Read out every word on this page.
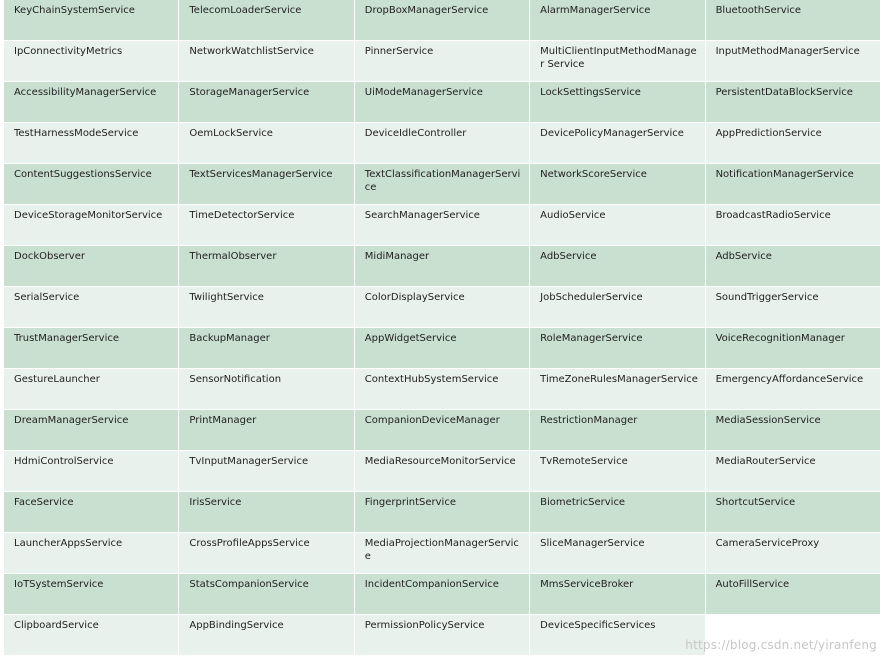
KeyChainSystemService	TelecomLoaderService	DropBoxManagerService	AlarmManagerService	BluetoothService
IpConnectivityMetrics	NetworkWatchlistService	PinnerService	MultiClientInputMethodManager Service	InputMethodManagerService
AccessibilityManagerService	StorageManagerService	UiModeManagerService	LockSettingsService	PersistentDataBlockService
TestHarnessModeService	OemLockService	DeviceIdleController	DevicePolicyManagerService	AppPredictionService
ContentSuggestionsService	TextServicesManagerService	TextClassificationManagerService	NetworkScoreService	NotificationManagerService
DeviceStorageMonitorService	TimeDetectorService	SearchManagerService	AudioService	BroadcastRadioService
DockObserver	ThermalObserver	MidiManager	AdbService	AdbService
SerialService	TwilightService	ColorDisplayService	JobSchedulerService	SoundTriggerService
TrustManagerService	BackupManager	AppWidgetService	RoleManagerService	VoiceRecognitionManager
GestureLauncher	SensorNotification	ContextHubSystemService	TimeZoneRulesManagerService	EmergencyAffordanceService
DreamManagerService	PrintManager	CompanionDeviceManager	RestrictionManager	MediaSessionService
HdmiControlService	TvInputManagerService	MediaResourceMonitorService	TvRemoteService	MediaRouterService
FaceService	IrisService	FingerprintService	BiometricService	ShortcutService
LauncherAppsService	CrossProfileAppsService	MediaProjectionManagerService	SliceManagerService	CameraServiceProxy
IoTSystemService	StatsCompanionService	IncidentCompanionService	MmsServiceBroker	AutoFillService
ClipboardService	AppBindingService	PermissionPolicyService	DeviceSpecificServices	
https://blog.csdn.net/yiranfeng
